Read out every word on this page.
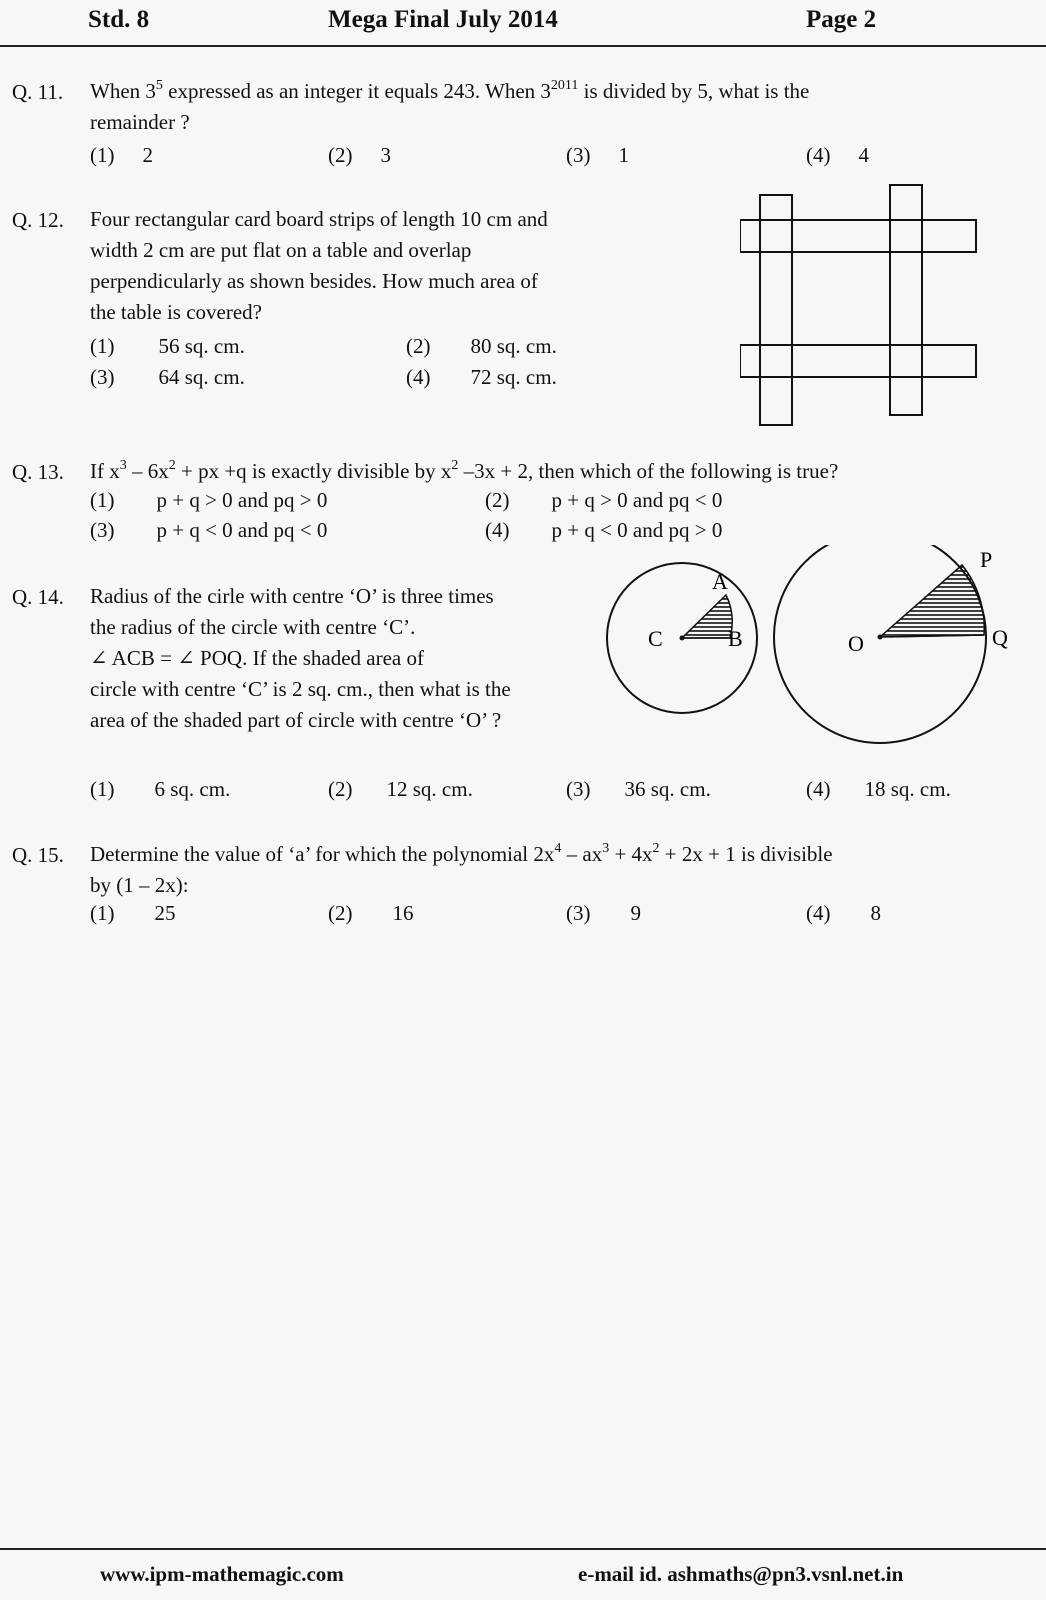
Std. 8	Mega Final July 2014	Page 2
Q. 11. When $3^5$ expressed as an integer it equals 243. When $3^{2011}$ is divided by 5, what is the
remainder ?
(1) 2	(2) 3	(3) 1	(4) 4
Q. 12. Four rectangular card board strips of length 10 cm and
width 2 cm are put flat on a table and overlap
perpendicularly as shown besides. How much area of
the table is covered?
(1) 56 sq. cm.	(2) 80 sq. cm.
(3) 64 sq. cm.	(4) 72 sq. cm.
Q. 13. If $x^3 - 6x^2$ + px +q is exactly divisible by $x^2$ –3x + 2, then which of the following is true?
(1) p + q > 0 and pq > 0	(2) p + q > 0 and pq < 0
(3) p + q < 0 and pq < 0	(4) p + q < 0 and pq > 0
Q. 14. Radius of the cirle with centre ‘O’ is three times
the radius of the circle with centre ‘C’.
∠ ACB = ∠ POQ. If the shaded area of
circle with centre ‘C’ is 2 sq. cm., then what is the
area of the shaded part of circle with centre ‘O’ ?
C
A
B	O
P
Q
(1) 6 sq. cm.	(2) 12 sq. cm.	(3) 36 sq. cm.	(4) 18 sq. cm.
Q. 15. Determine the value of ‘a’ for which the polynomial $2x^4 - ax^3 + 4x^2 + 2x + 1$ is divisible
by (1 – 2x):
(1) 25	(2) 16	(3) 9	(4) 8
www.ipm-mathemagic.com	e-mail id. ashmaths@pn3.vsnl.net.in
